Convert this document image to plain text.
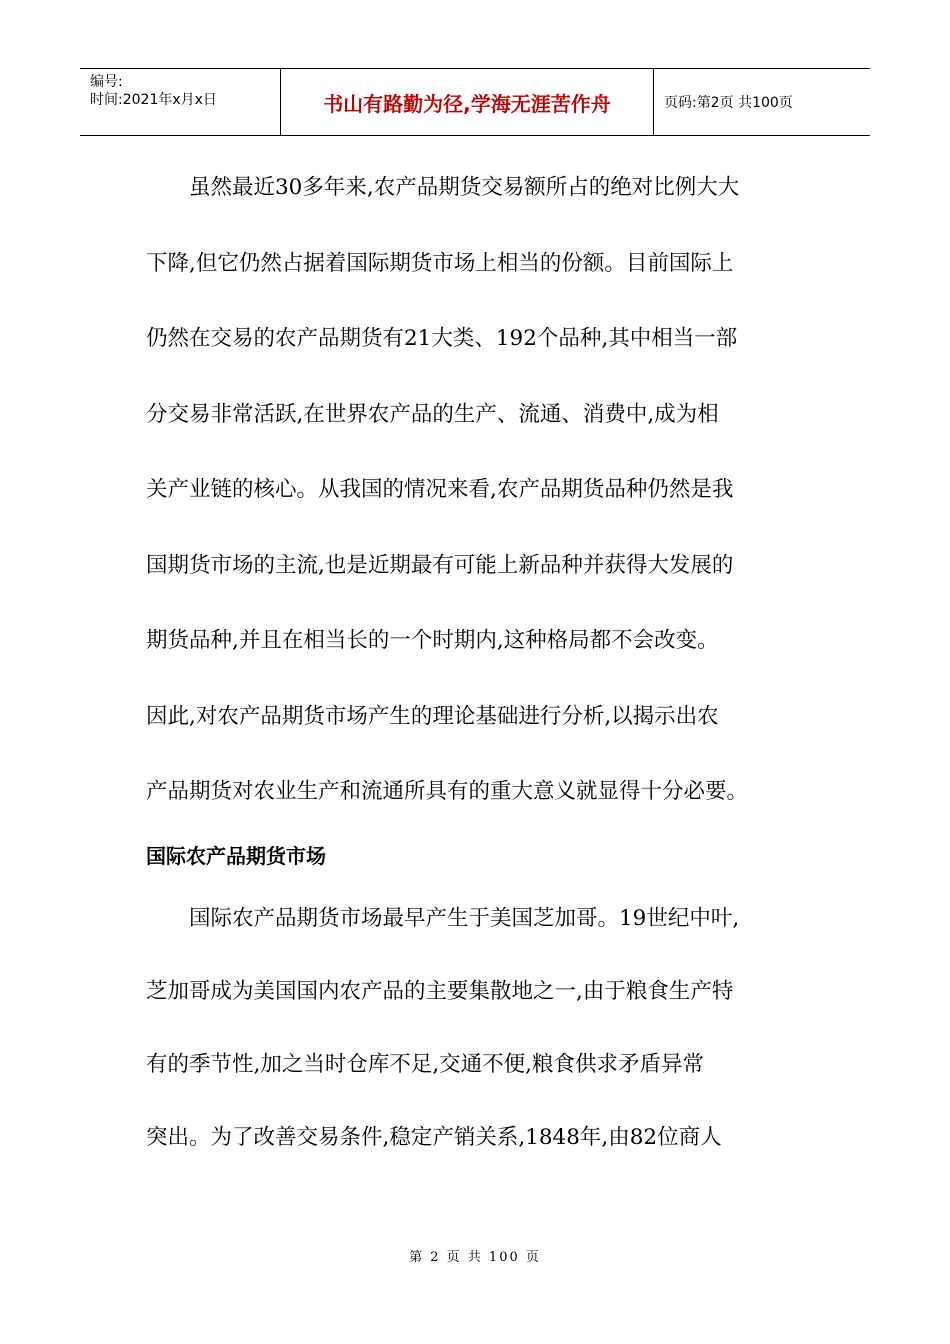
编号:
时间:2021年x月x日	书山有路勤为径,学海无涯苦作舟	页码:第2页 共100页

虽然最近30多年来,农产品期货交易额所占的绝对比例大大

下降,但它仍然占据着国际期货市场上相当的份额。目前国际上

仍然在交易的农产品期货有21大类、192个品种,其中相当一部

分交易非常活跃,在世界农产品的生产、流通、消费中,成为相

关产业链的核心。从我国的情况来看,农产品期货品种仍然是我

国期货市场的主流,也是近期最有可能上新品种并获得大发展的

期货品种,并且在相当长的一个时期内,这种格局都不会改变。

因此,对农产品期货市场产生的理论基础进行分析,以揭示出农

产品期货对农业生产和流通所具有的重大意义就显得十分必要。

国际农产品期货市场

国际农产品期货市场最早产生于美国芝加哥。19世纪中叶,

芝加哥成为美国国内农产品的主要集散地之一,由于粮食生产特

有的季节性,加之当时仓库不足,交通不便,粮食供求矛盾异常

突出。为了改善交易条件,稳定产销关系,1848年,由82位商人

第 2 页 共 100 页
